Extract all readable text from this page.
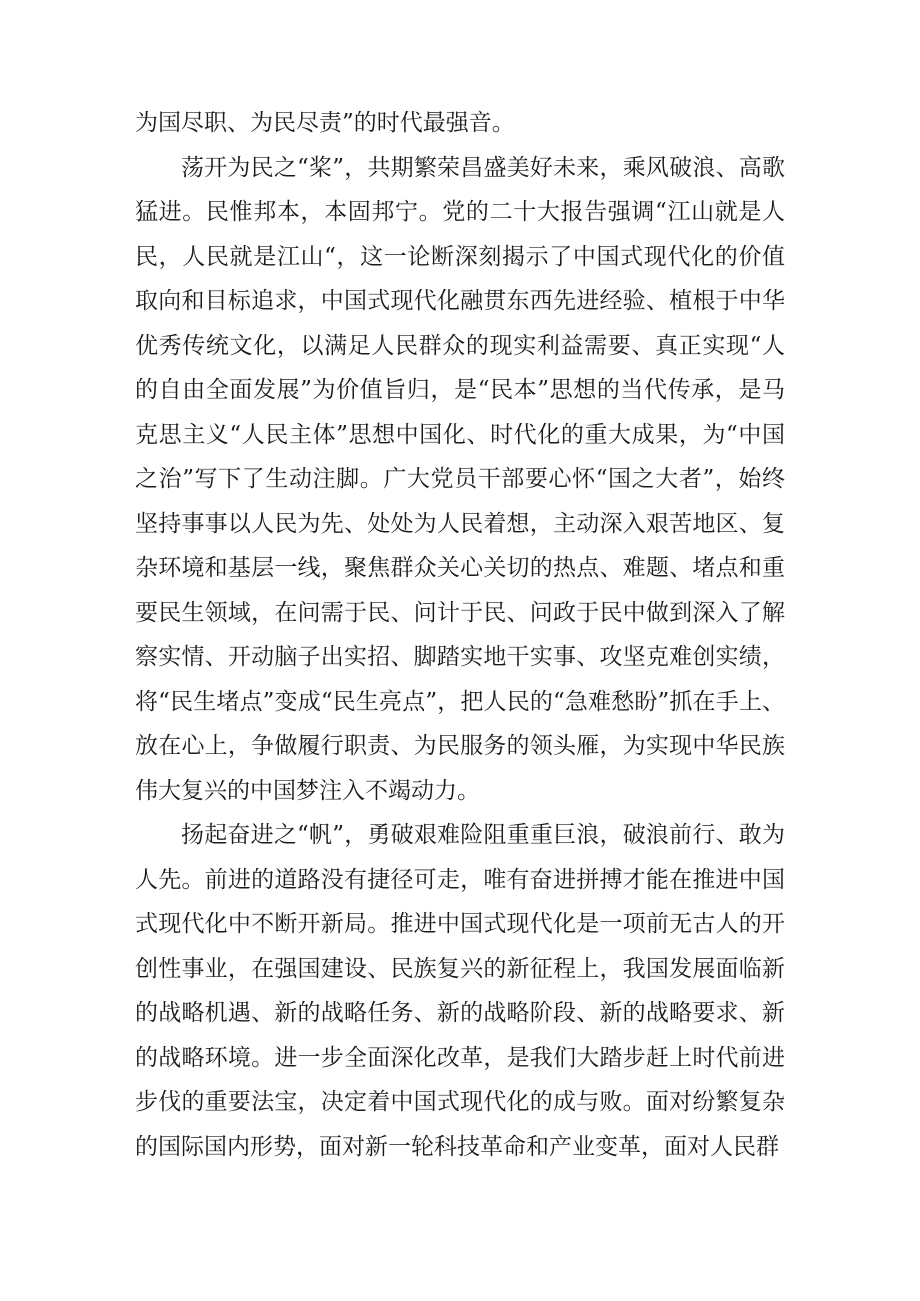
为国尽职、为民尽责”的时代最强音。

荡开为民之“桨”，共期繁荣昌盛美好未来，乘风破浪、高歌猛进。民惟邦本，本固邦宁。党的二十大报告强调“江山就是人民，人民就是江山“，这一论断深刻揭示了中国式现代化的价值取向和目标追求，中国式现代化融贯东西先进经验、植根于中华优秀传统文化，以满足人民群众的现实利益需要、真正实现“人的自由全面发展”为价值旨归，是“民本”思想的当代传承，是马克思主义“人民主体”思想中国化、时代化的重大成果，为“中国之治”写下了生动注脚。广大党员干部要心怀“国之大者”，始终坚持事事以人民为先、处处为人民着想，主动深入艰苦地区、复杂环境和基层一线，聚焦群众关心关切的热点、难题、堵点和重要民生领域，在问需于民、问计于民、问政于民中做到深入了解察实情、开动脑子出实招、脚踏实地干实事、攻坚克难创实绩，将“民生堵点”变成“民生亮点”，把人民的“急难愁盼”抓在手上、放在心上，争做履行职责、为民服务的领头雁，为实现中华民族伟大复兴的中国梦注入不竭动力。

扬起奋进之“帆”，勇破艰难险阻重重巨浪，破浪前行、敢为人先。前进的道路没有捷径可走，唯有奋进拼搏才能在推进中国式现代化中不断开新局。推进中国式现代化是一项前无古人的开创性事业，在强国建设、民族复兴的新征程上，我国发展面临新的战略机遇、新的战略任务、新的战略阶段、新的战略要求、新的战略环境。进一步全面深化改革，是我们大踏步赶上时代前进步伐的重要法宝，决定着中国式现代化的成与败。面对纷繁复杂的国际国内形势，面对新一轮科技革命和产业变革，面对人民群
